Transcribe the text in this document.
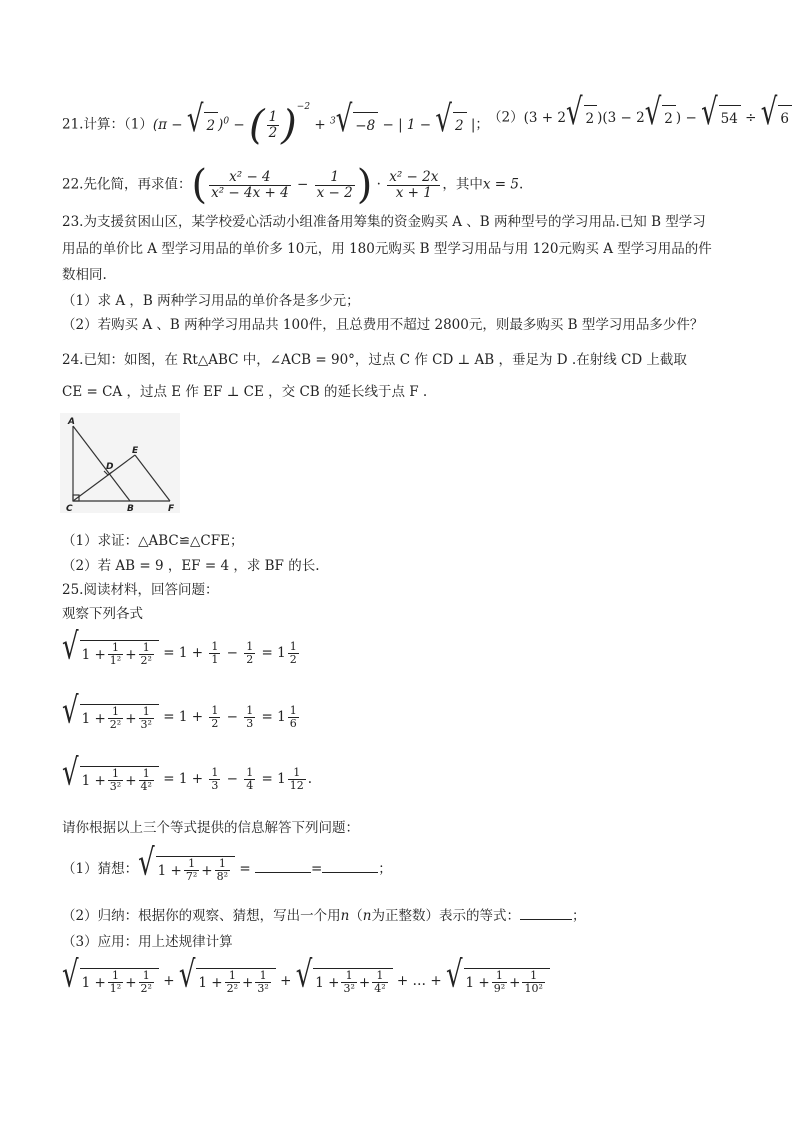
21.计算：（1）(π − √ 2 )$^0$ − ( $\frac{1}{2} )^{-2} + ^3$ √ −8 − | 1 − √ 2 |； （2）(3 + 2 √ 2 )(3 − 2 √ 2 ) − √ 54 ÷ √ 6
22.先化简，再求值：( $\frac{\text{x² − 4}}{\text{x² − 4x + 4}} - \frac{1}{x - 2}$ ) · $\frac{\text{x² − 2x}}{x + 1}$ ，其中x = 5.
23.为支援贫困山区，某学校爱心活动小组准备用筹集的资金购买 A 、B 两种型号的学习用品.已知 B 型学习
用品的单价比 A 型学习用品的单价多 10元，用 180元购买 B 型学习用品与用 120元购买 A 型学习用品的件
数相同.
（1）求 A ，B 两种学习用品的单价各是多少元；
（2）若购买 A 、B 两种学习用品共 100件，且总费用不超过 2800元，则最多购买 B 型学习用品多少件？
24.已知：如图，在 Rt△ABC 中，∠ACB = 90°，过点 C 作 CD ⊥ AB ，垂足为 D .在射线 CD 上截取
CE = CA ，过点 E 作 EF ⊥ CE ，交 CB 的延长线于点 F .
A
D
E
C	B	F
（1）求证：△ABC≌△CFE；
（2）若 AB = 9 ，EF = 4 ，求 BF 的长.
25.阅读材料，回答问题：
观察下列各式
√ $1 + \frac{1}{\text{1²}} + \frac{1}{\text{2²}} = 1 + \frac{1}{1} - \frac{1}{2} = 1 \frac{1}{2}$
√ $1 + \frac{1}{\text{2²}} + \frac{1}{\text{3²}} = 1 + \frac{1}{2} - \frac{1}{3} = 1 \frac{1}{6}$
√ $1 + \frac{1}{\text{3²}} + \frac{1}{\text{4²}} = 1 + \frac{1}{3} - \frac{1}{4} = 1 \frac{1}{12}$ .
请你根据以上三个等式提供的信息解答下列问题：
（1）猜想： √ $1 + \frac{1}{\text{7²}} + \frac{1}{\text{8²}}$ =	=	；
（2）归纳：根据你的观察、猜想，写出一个用n（n为正整数）表示的等式：	；
（3）应用：用上述规律计算
√ $1 + \frac{1}{\text{1²}} + \frac{1}{\text{2²}}$ + √ $1 + \frac{1}{\text{2²}} + \frac{1}{\text{3²}}$ + √ $1 + \frac{1}{\text{3²}} + \frac{1}{\text{4²}}$ + … + √ $1 + \frac{1}{\text{9²}} + \frac{1}{\text{10²}}$
